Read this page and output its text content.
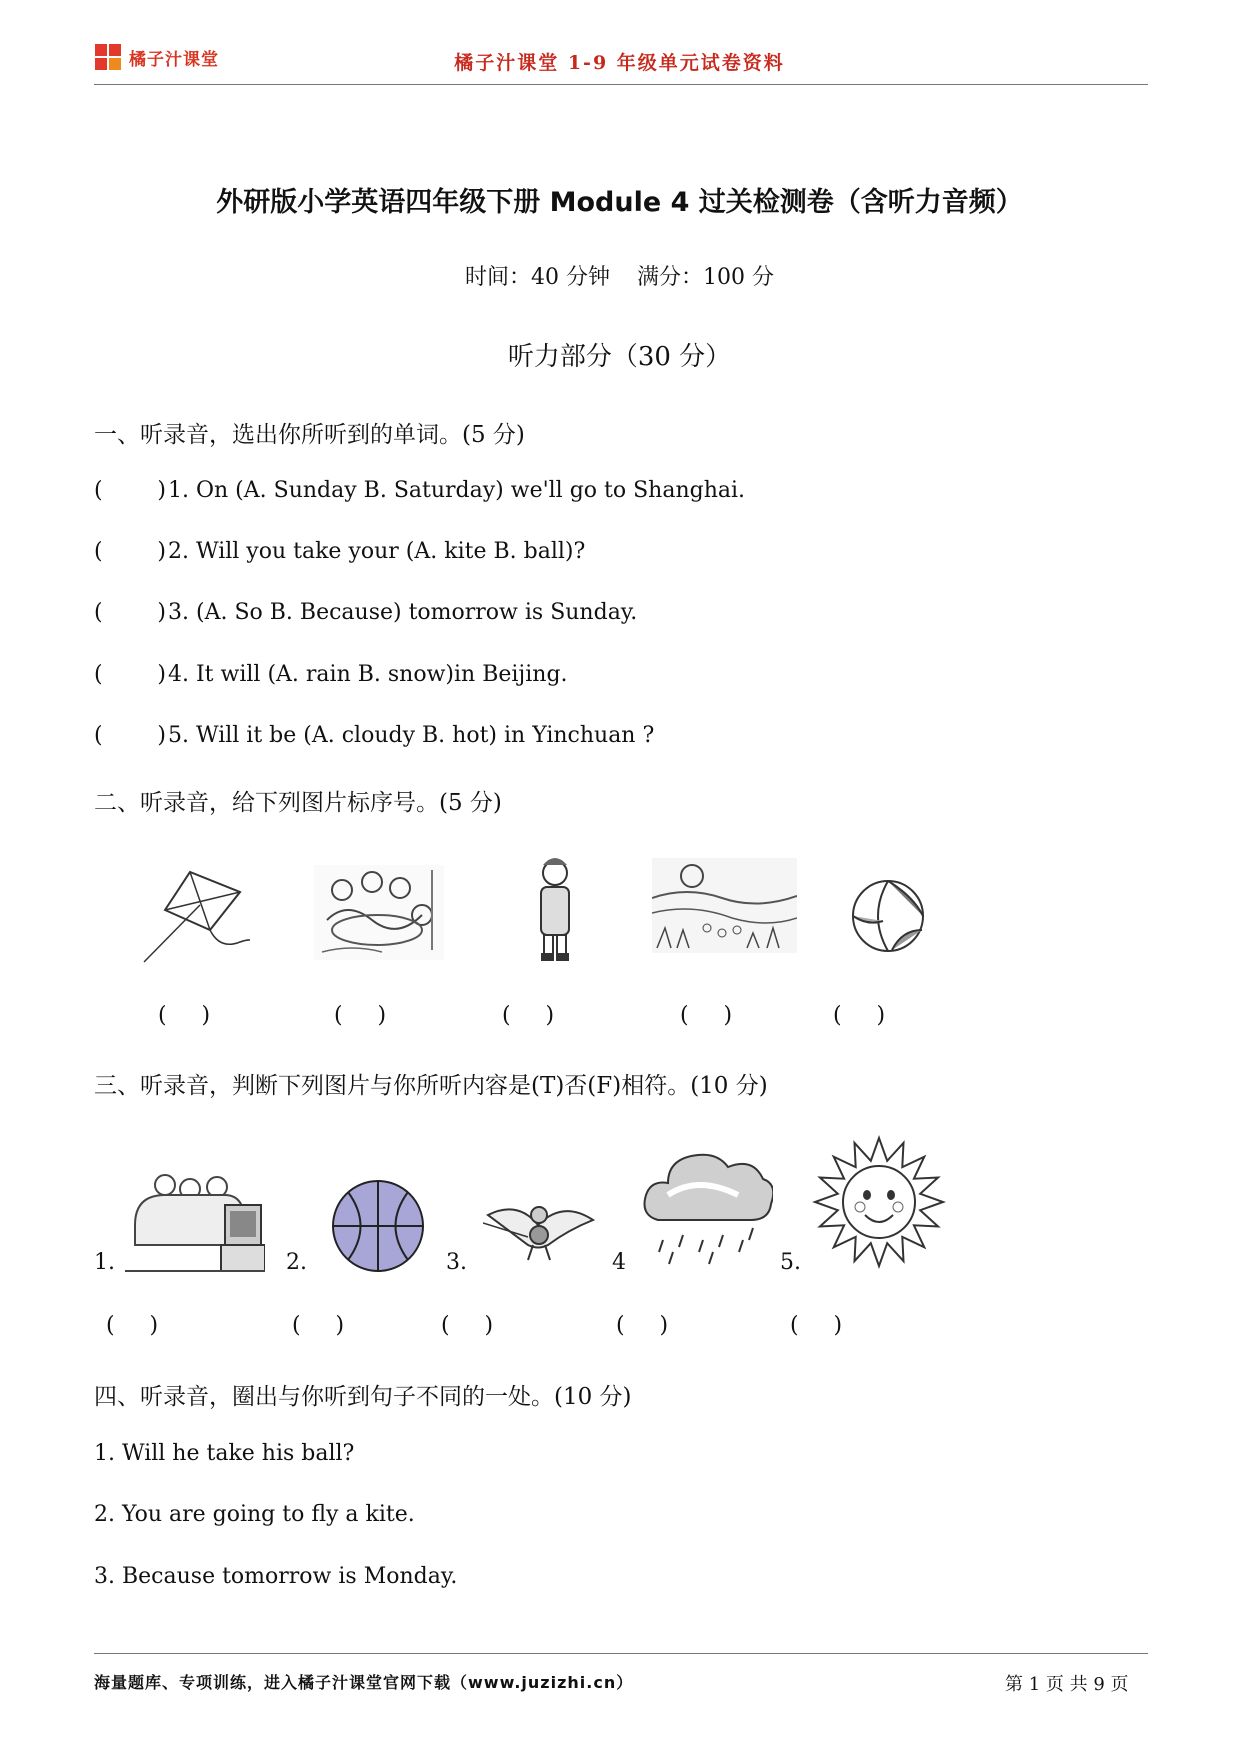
橘子汁课堂	橘子汁课堂 1-9 年级单元试卷资料
外研版小学英语四年级下册 Module 4 过关检测卷（含听力音频）
时间：40 分钟 满分：100 分
听力部分（30 分）
一、听录音，选出你所听到的单词。(5 分)
( ) 1. On (A. Sunday B. Saturday) we'll go to Shanghai.
( ) 2. Will you take your (A. kite B. ball)?
( ) 3. (A. So B. Because) tomorrow is Sunday.
( ) 4. It will (A. rain B. snow)in Beijing.
( ) 5. Will it be (A. cloudy B. hot) in Yinchuan ?
二、听录音，给下列图片标序号。(5 分)
(     )	(     )	(     )	(     )	(     )
三、听录音，判断下列图片与你所听内容是(T)否(F)相符。(10 分)
1.	2.	3.	4	5.
(     )	(     )	(     )	(     )	(     )
四、听录音，圈出与你听到句子不同的一处。(10 分)
1. Will he take his ball?
2. You are going to fly a kite.
3. Because tomorrow is Monday.
海量题库、专项训练，进入橘子汁课堂官网下载（www.juzizhi.cn）	第 1 页 共 9 页
